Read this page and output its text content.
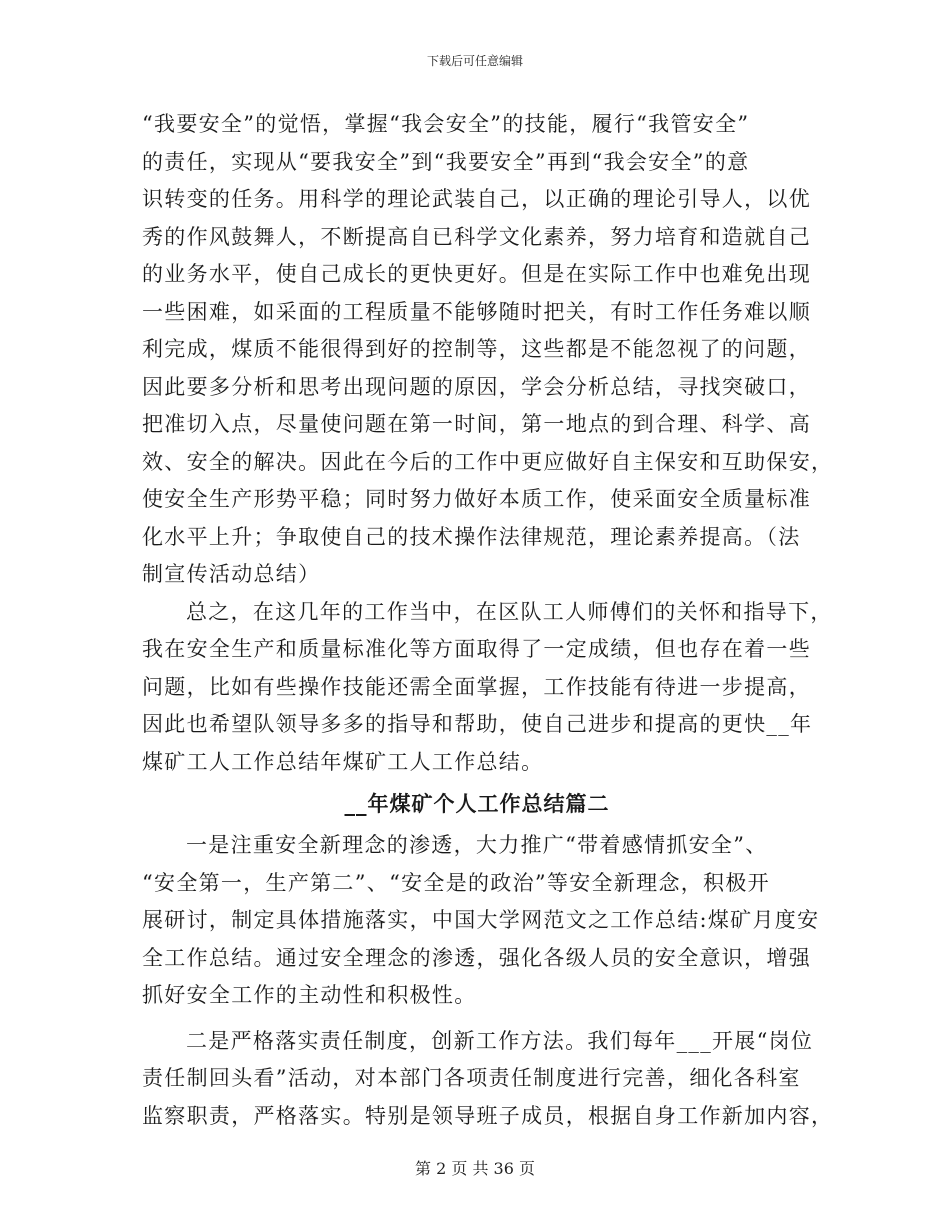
下载后可任意编辑
“我要安全”的觉悟，掌握“我会安全”的技能，履行“我管安全”
的责任，实现从“要我安全”到“我要安全”再到“我会安全”的意
识转变的任务。用科学的理论武装自己，以正确的理论引导人，以优
秀的作风鼓舞人，不断提高自已科学文化素养，努力培育和造就自己
的业务水平，使自己成长的更快更好。但是在实际工作中也难免出现
一些困难，如采面的工程质量不能够随时把关，有时工作任务难以顺
利完成，煤质不能很得到好的控制等，这些都是不能忽视了的问题，
因此要多分析和思考出现问题的原因，学会分析总结，寻找突破口，
把准切入点，尽量使问题在第一时间，第一地点的到合理、科学、高
效、安全的解决。因此在今后的工作中更应做好自主保安和互助保安，
使安全生产形势平稳；同时努力做好本质工作，使采面安全质量标准
化水平上升；争取使自己的技术操作法律规范，理论素养提高。（法
制宣传活动总结）
总之，在这几年的工作当中，在区队工人师傅们的关怀和指导下，
我在安全生产和质量标准化等方面取得了一定成绩，但也存在着一些
问题，比如有些操作技能还需全面掌握，工作技能有待进一步提高，
因此也希望队领导多多的指导和帮助，使自己进步和提高的更快__年
煤矿工人工作总结年煤矿工人工作总结。
__年煤矿个人工作总结篇二
一是注重安全新理念的渗透，大力推广“带着感情抓安全”、
“安全第一，生产第二”、“安全是的政治”等安全新理念，积极开
展研讨，制定具体措施落实，中国大学网范文之工作总结:煤矿月度安
全工作总结。通过安全理念的渗透，强化各级人员的安全意识，增强
抓好安全工作的主动性和积极性。
二是严格落实责任制度，创新工作方法。我们每年___开展“岗位
责任制回头看”活动，对本部门各项责任制度进行完善，细化各科室
监察职责，严格落实。特别是领导班子成员，根据自身工作新加内容，
第 2 页 共 36 页
